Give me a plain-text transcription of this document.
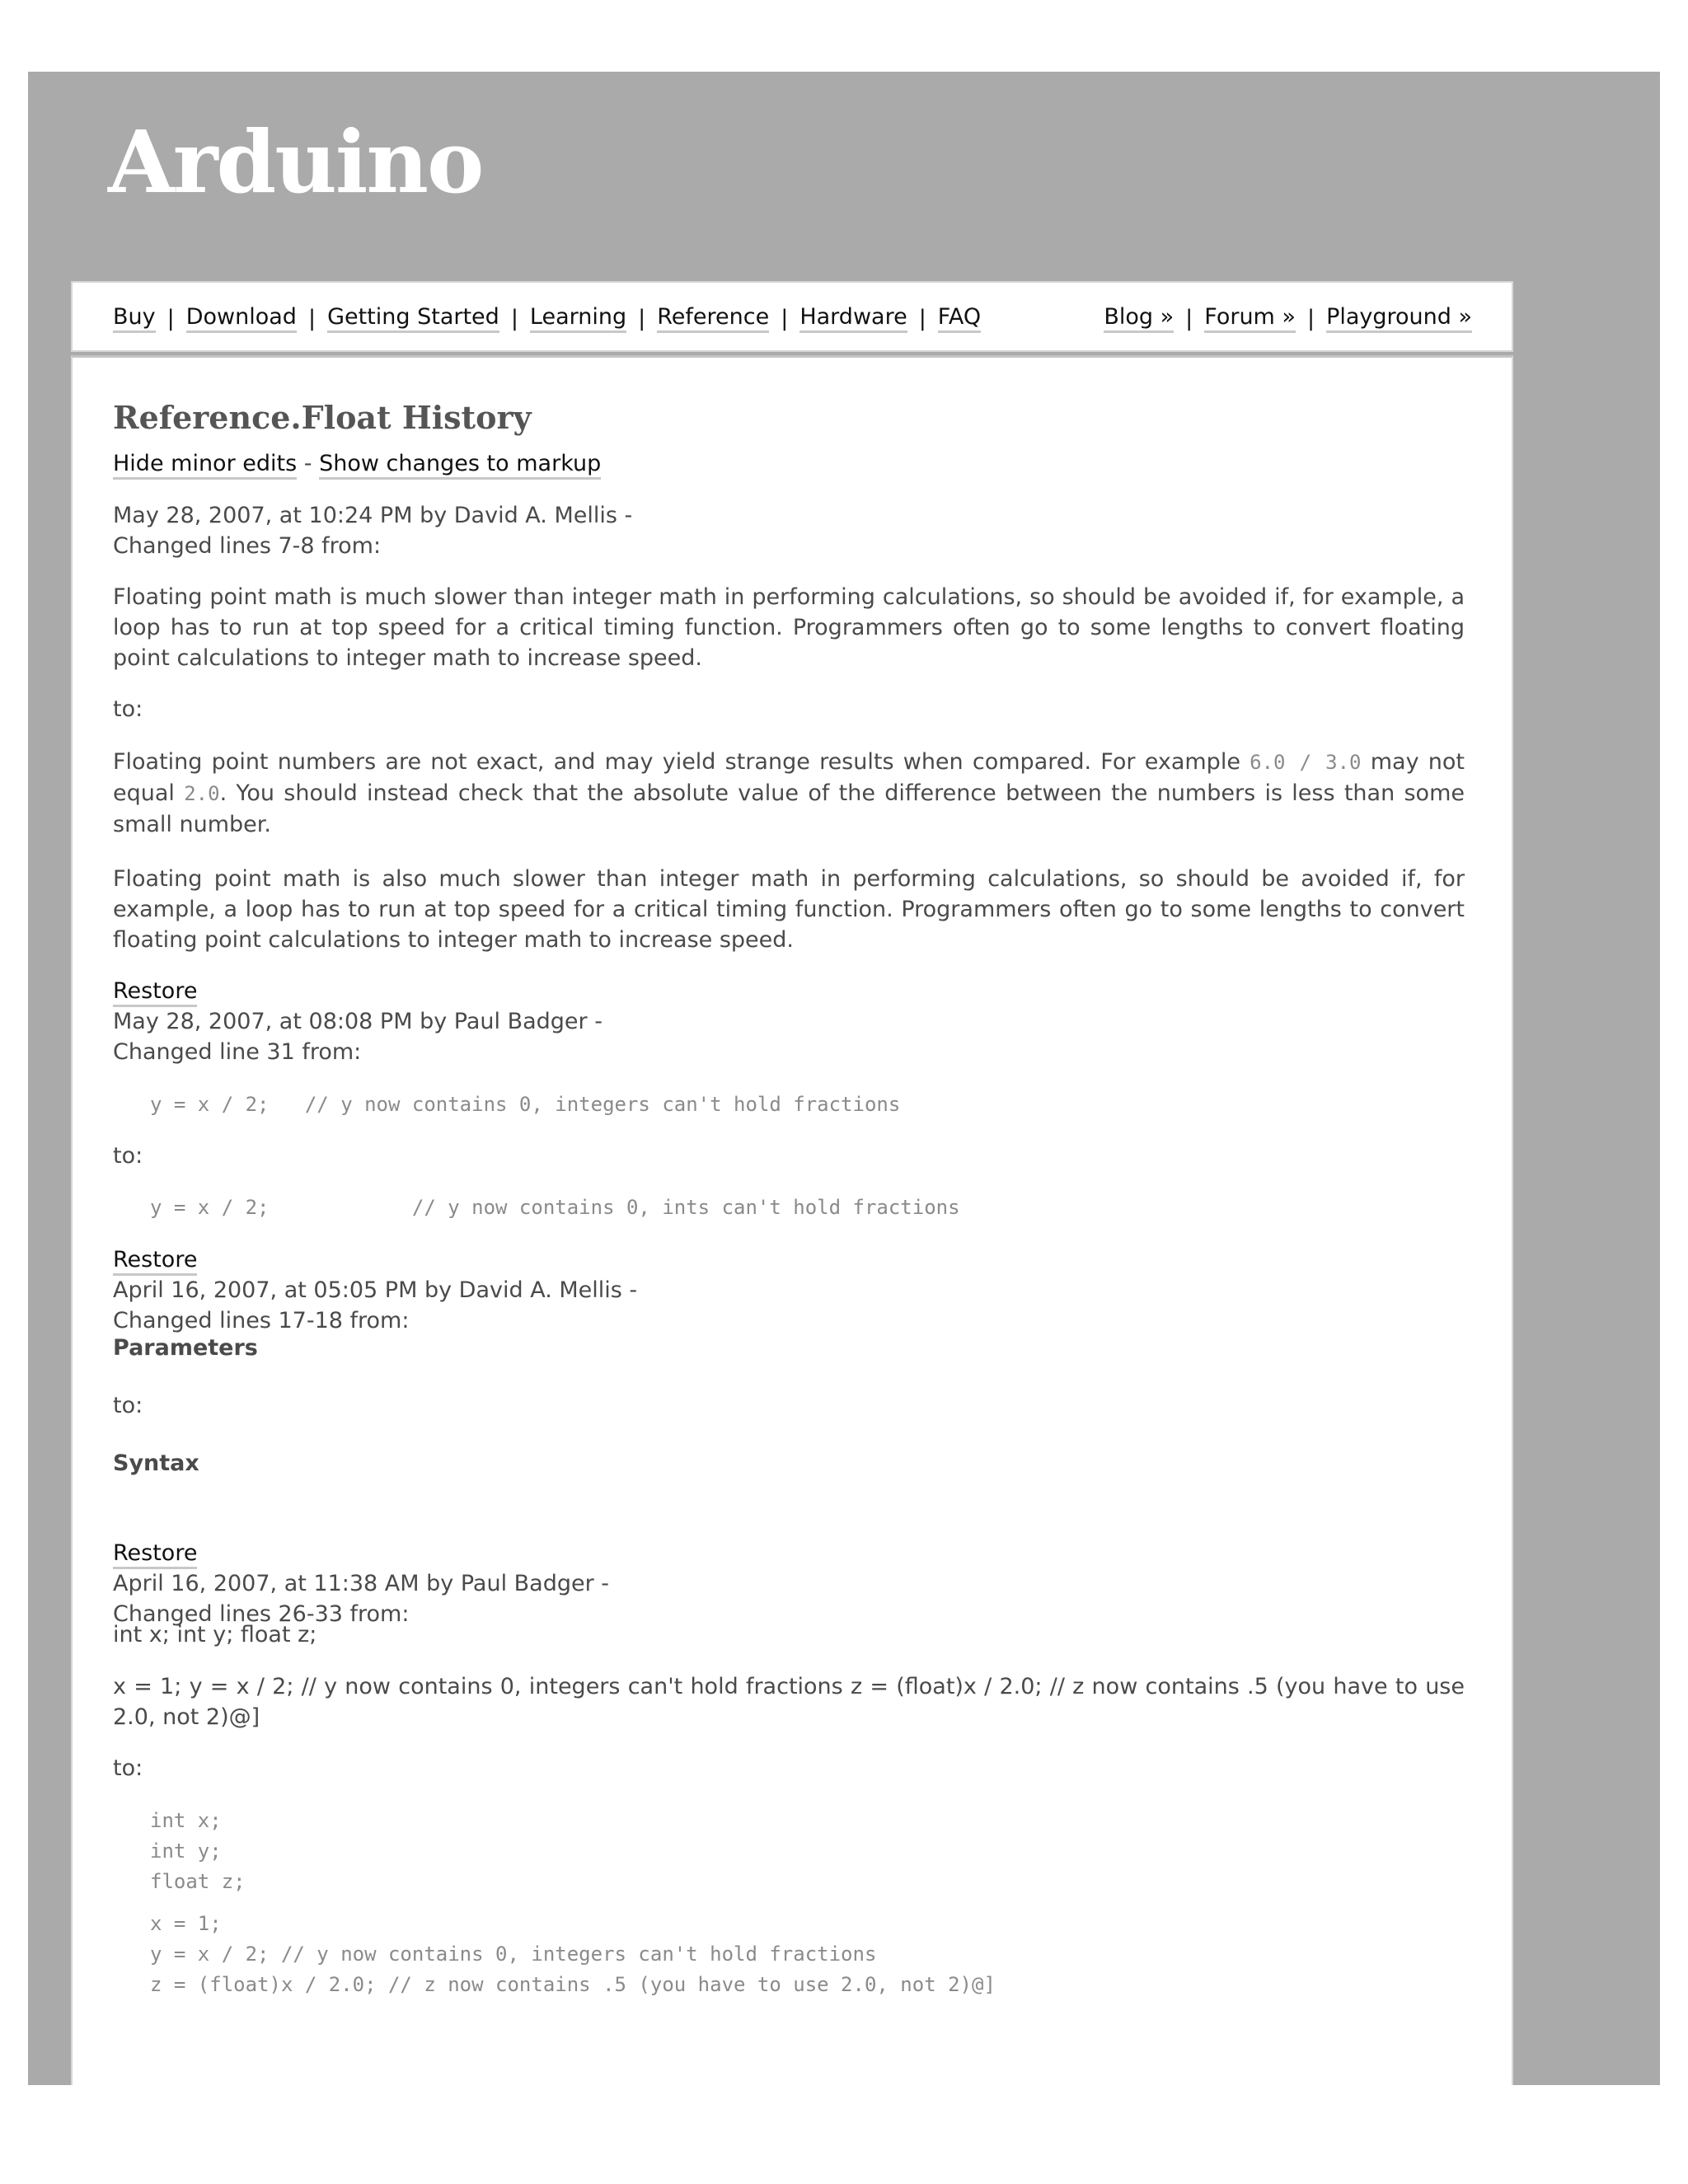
Arduino
Buy | Download | Getting Started | Learning | Reference | Hardware | FAQ	Blog » | Forum » | Playground »
Reference.Float History
Hide minor edits - Show changes to markup
May 28, 2007, at 10:24 PM by David A. Mellis -
Changed lines 7-8 from:
Floating point math is much slower than integer math in performing calculations, so should be avoided if, for example, a loop has to run at top speed for a critical timing function. Programmers often go to some lengths to convert floating point calculations to integer math to increase speed.
to:
Floating point numbers are not exact, and may yield strange results when compared. For example 6.0 / 3.0 may not equal 2.0. You should instead check that the absolute value of the difference between the numbers is less than some small number.
Floating point math is also much slower than integer math in performing calculations, so should be avoided if, for example, a loop has to run at top speed for a critical timing function. Programmers often go to some lengths to convert floating point calculations to integer math to increase speed.
Restore
May 28, 2007, at 08:08 PM by Paul Badger -
Changed line 31 from:
y = x / 2;   // y now contains 0, integers can't hold fractions
to:
y = x / 2;            // y now contains 0, ints can't hold fractions
Restore
April 16, 2007, at 05:05 PM by David A. Mellis -
Changed lines 17-18 from:
Parameters
to:
Syntax
Restore
April 16, 2007, at 11:38 AM by Paul Badger -
Changed lines 26-33 from:
int x; int y; float z;
x = 1; y = x / 2; // y now contains 0, integers can't hold fractions z = (float)x / 2.0; // z now contains .5 (you have to use 2.0, not 2)@]
to:
int x;
int y;
float z;
x = 1;
y = x / 2; // y now contains 0, integers can't hold fractions
z = (float)x / 2.0; // z now contains .5 (you have to use 2.0, not 2)@]
